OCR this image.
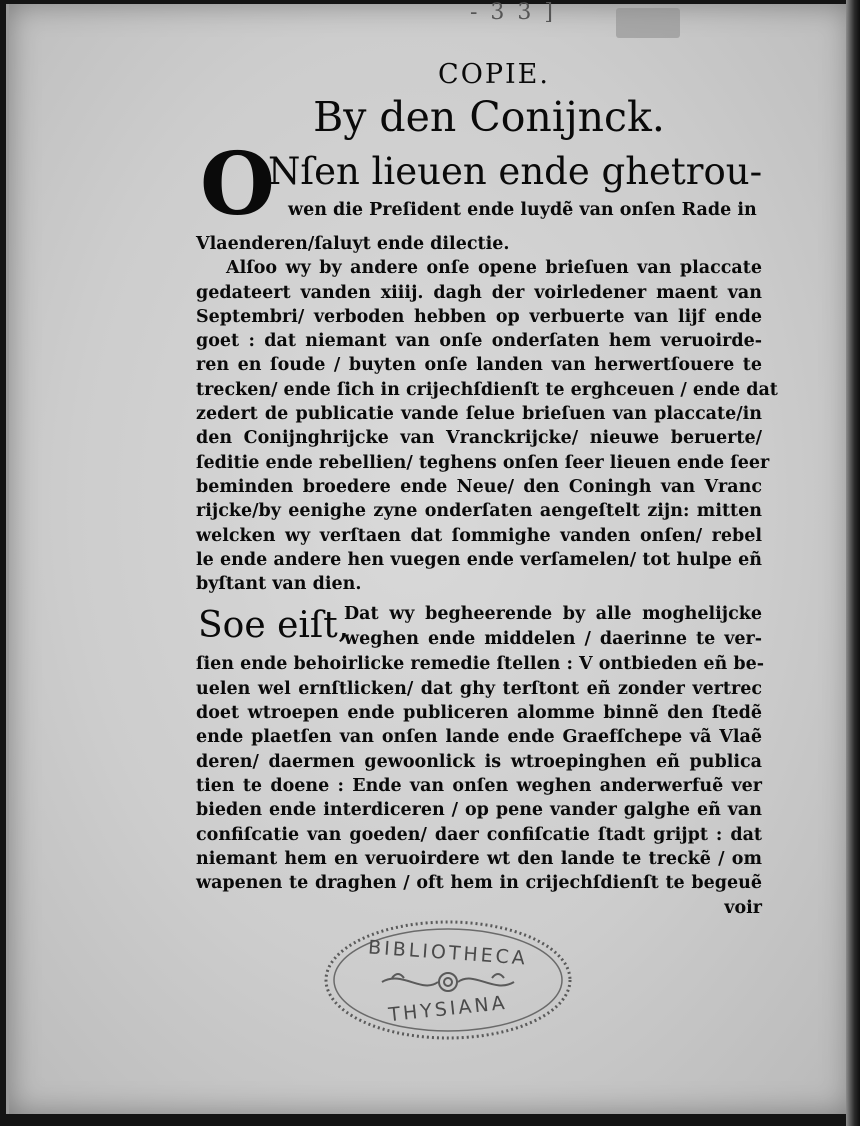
- 3 3 ]
COPIE.
By den Conijnck.
O
Nſen lieuen ende ghetrou-
wen die Preſident ende luydẽ van onſen Rade in
Vlaenderen/ſaluyt ende dilectie.
Alſoo wy by andere onſe opene brieſuen van placcate
gedateert vanden xiiij. dagh der voirledener maent van
Septembri/ verboden hebben op verbuerte van lijf ende
goet : dat niemant van onſe onderſaten hem veruoirde-
ren en ſoude / buyten onſe landen van herwertſouere te
trecken/ ende ſich in crijechſdienſt te erghceuen / ende dat
zedert de publicatie vande ſelue brieſuen van placcate/in
den Conijnghrijcke van Vranckrijcke/ nieuwe beruerte/
ſeditie ende rebellien/ teghens onſen ſeer lieuen ende ſeer
beminden broedere ende Neue/ den Coningh van Vranc
rijcke/by eenighe zyne onderſaten aengeſtelt zijn: mitten
welcken wy verſtaen dat ſommighe vanden onſen/ rebel
le ende andere hen vuegen ende verſamelen/ tot hulpe eñ
byſtant van dien.
Soe eiſt,
Dat wy begheerende by alle moghelijcke
weghen ende middelen / daerinne te ver-
ſien ende behoirlicke remedie ſtellen : V ontbieden eñ be-
uelen wel ernſtlicken/ dat ghy terſtont eñ zonder vertrec
doet wtroepen ende publiceren alomme binnẽ den ſtedẽ
ende plaetſen van onſen lande ende Graefſchepe vã Vlaẽ
deren/ daermen gewoonlick is wtroepinghen eñ publica
tien te doene : Ende van onſen weghen anderwerfuẽ ver
bieden ende interdiceren / op pene vander galghe eñ van
confiſcatie van goeden/ daer confiſcatie ſtadt grijpt : dat
niemant hem en veruoirdere wt den lande te treckẽ / om
wapenen te draghen / oft hem in crijechſdienſt te begeuẽ
voir
BIBLIOTHECA
THYSIANA
